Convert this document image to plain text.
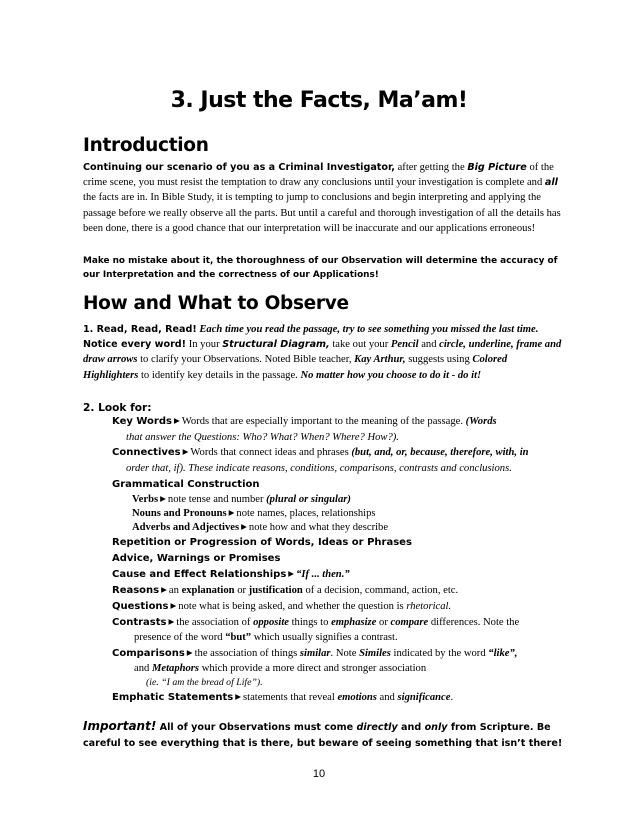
3. Just the Facts, Ma’am!
Introduction

Continuing our scenario of you as a Criminal Investigator, after getting the Big Picture of the crime scene, you must resist the temptation to draw any conclusions until your investigation is complete and all the facts are in. In Bible Study, it is tempting to jump to conclusions and begin interpreting and applying the passage before we really observe all the parts. But until a careful and thorough investigation of all the details has been done, there is a good chance that our interpretation will be inaccurate and our applications erroneous!

Make no mistake about it, the thoroughness of our Observation will determine the accuracy of our Interpretation and the correctness of our Applications!

How and What to Observe

1. Read, Read, Read! Each time you read the passage, try to see something you missed the last time. Notice every word! In your Structural Diagram, take out your Pencil and circle, underline, frame and draw arrows to clarify your Observations. Noted Bible teacher, Kay Arthur, suggests using Colored Highlighters to identify key details in the passage. No matter how you choose to do it - do it!

2. Look for:
Key Words ▶ Words that are especially important to the meaning of the passage. (Words
that answer the Questions: Who? What? When? Where? How?).
Connectives ▶ Words that connect ideas and phrases (but, and, or, because, therefore, with, in
order that, if). These indicate reasons, conditions, comparisons, contrasts and conclusions.
Grammatical Construction
Verbs ▶ note tense and number (plural or singular)
Nouns and Pronouns ▶ note names, places, relationships
Adverbs and Adjectives ▶ note how and what they describe
Repetition or Progression of Words, Ideas or Phrases
Advice, Warnings or Promises
Cause and Effect Relationships ▶ “If ... then.”
Reasons ▶ an explanation or justification of a decision, command, action, etc.
Questions ▶ note what is being asked, and whether the question is rhetorical.
Contrasts ▶ the association of opposite things to emphasize or compare differences. Note the
presence of the word “but” which usually signifies a contrast.
Comparisons ▶ the association of things similar. Note Similes indicated by the word “like”,
and Metaphors which provide a more direct and stronger association
(ie. “I am the bread of Life”).
Emphatic Statements ▶ statements that reveal emotions and significance.

Important! All of your Observations must come directly and only from Scripture. Be careful to see everything that is there, but beware of seeing something that isn’t there!

10
